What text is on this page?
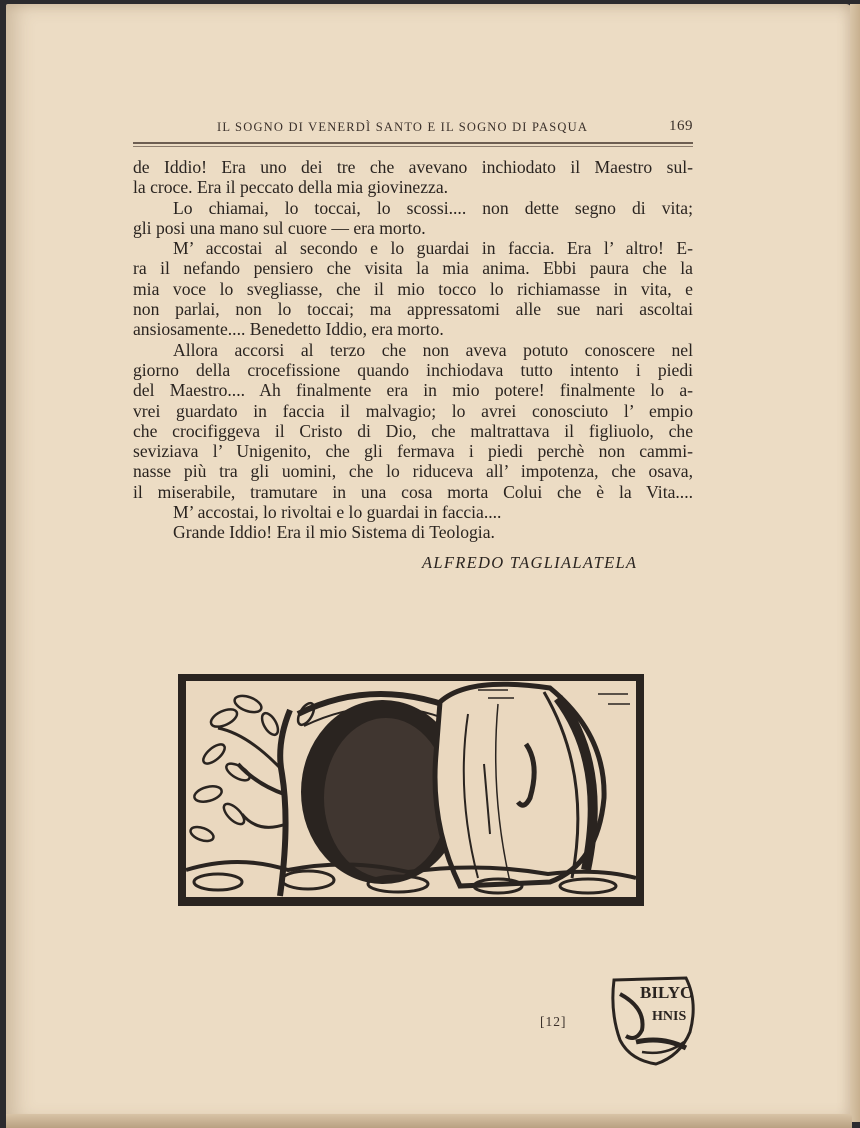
IL SOGNO DI VENERDÌ SANTO E IL SOGNO DI PASQUA	169
de Iddio! Era uno dei tre che avevano inchiodato il Maestro sul-
la croce. Era il peccato della mia giovinezza.
Lo chiamai, lo toccai, lo scossi.... non dette segno di vita;
gli posi una mano sul cuore — era morto.
M’ accostai al secondo e lo guardai in faccia. Era l’ altro! E-
ra il nefando pensiero che visita la mia anima. Ebbi paura che la
mia voce lo svegliasse, che il mio tocco lo richiamasse in vita, e
non parlai, non lo toccai; ma appressatomi alle sue nari ascoltai
ansiosamente.... Benedetto Iddio, era morto.
Allora accorsi al terzo che non aveva potuto conoscere nel
giorno della crocefissione quando inchiodava tutto intento i piedi
del Maestro.... Ah finalmente era in mio potere! finalmente lo a-
vrei guardato in faccia il malvagio; lo avrei conosciuto l’ empio
che crocifiggeva il Cristo di Dio, che maltrattava il figliuolo, che
seviziava l’ Unigenito, che gli fermava i piedi perchè non cammi-
nasse più tra gli uomini, che lo riduceva all’ impotenza, che osava,
il miserabile, tramutare in una cosa morta Colui che è la Vita....
M’ accostai, lo rivoltai e lo guardai in faccia....
Grande Iddio! Era il mio Sistema di Teologia.
ALFREDO TAGLIALATELA
[12]
BILYC
HNIS
